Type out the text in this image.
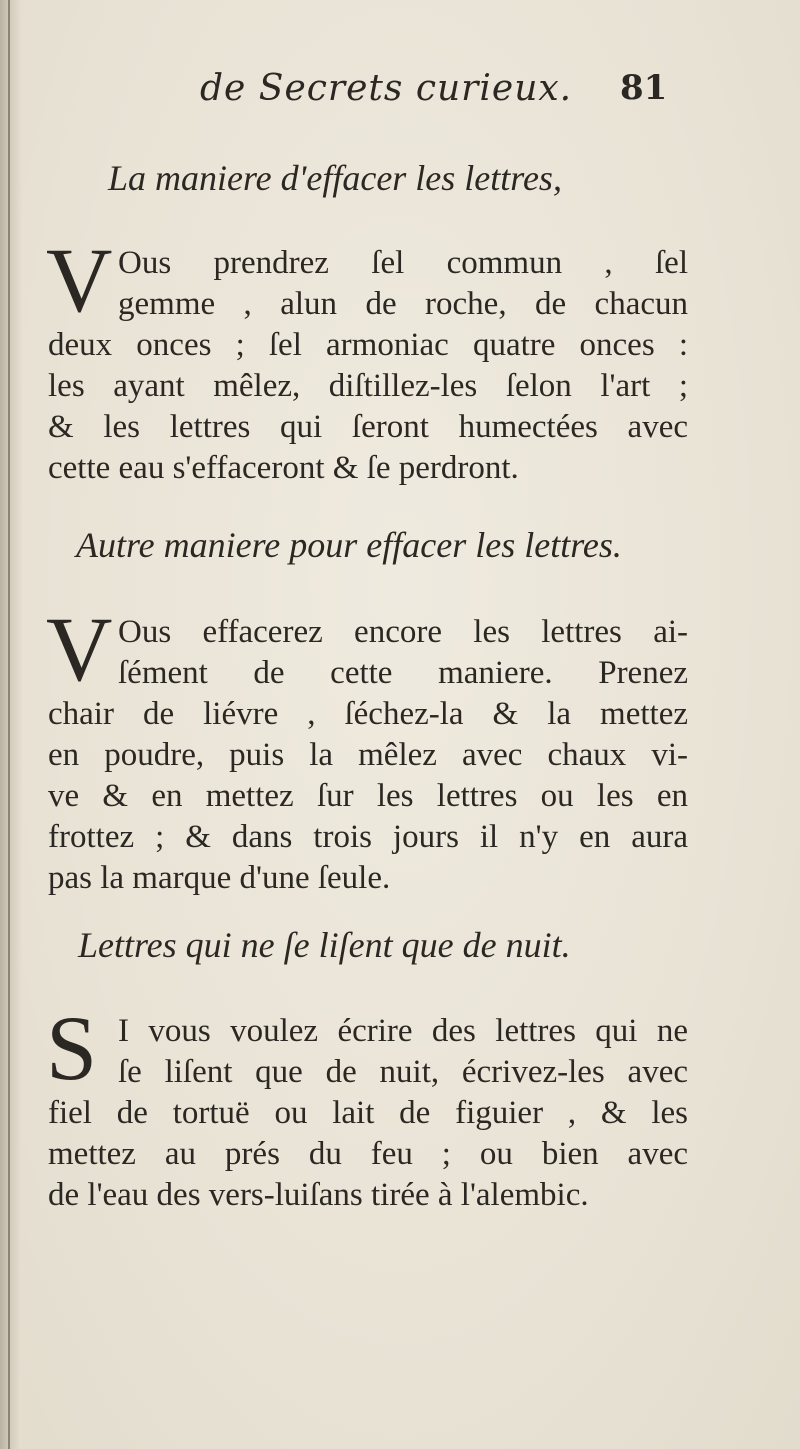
de Secrets curieux. 81
La maniere d'effacer les lettres,
V Ous prendrez ſel commun , ſel
gemme , alun de roche, de chacun
deux onces ; ſel armoniac quatre onces :
les ayant mêlez, diſtillez-les ſelon l'art ;
& les lettres qui ſeront humectées avec
cette eau s'effaceront & ſe perdront.
Autre maniere pour effacer les lettres.
V Ous effacerez encore les lettres ai-
ſément de cette maniere. Prenez
chair de liévre , ſéchez-la & la mettez
en poudre, puis la mêlez avec chaux vi-
ve & en mettez ſur les lettres ou les en
frottez ; & dans trois jours il n'y en aura
pas la marque d'une ſeule.
Lettres qui ne ſe liſent que de nuit.
S I vous voulez écrire des lettres qui ne
ſe liſent que de nuit, écrivez-les avec
fiel de tortuë ou lait de figuier , & les
mettez au prés du feu ; ou bien avec
de l'eau des vers-luiſans tirée à l'alembic.
